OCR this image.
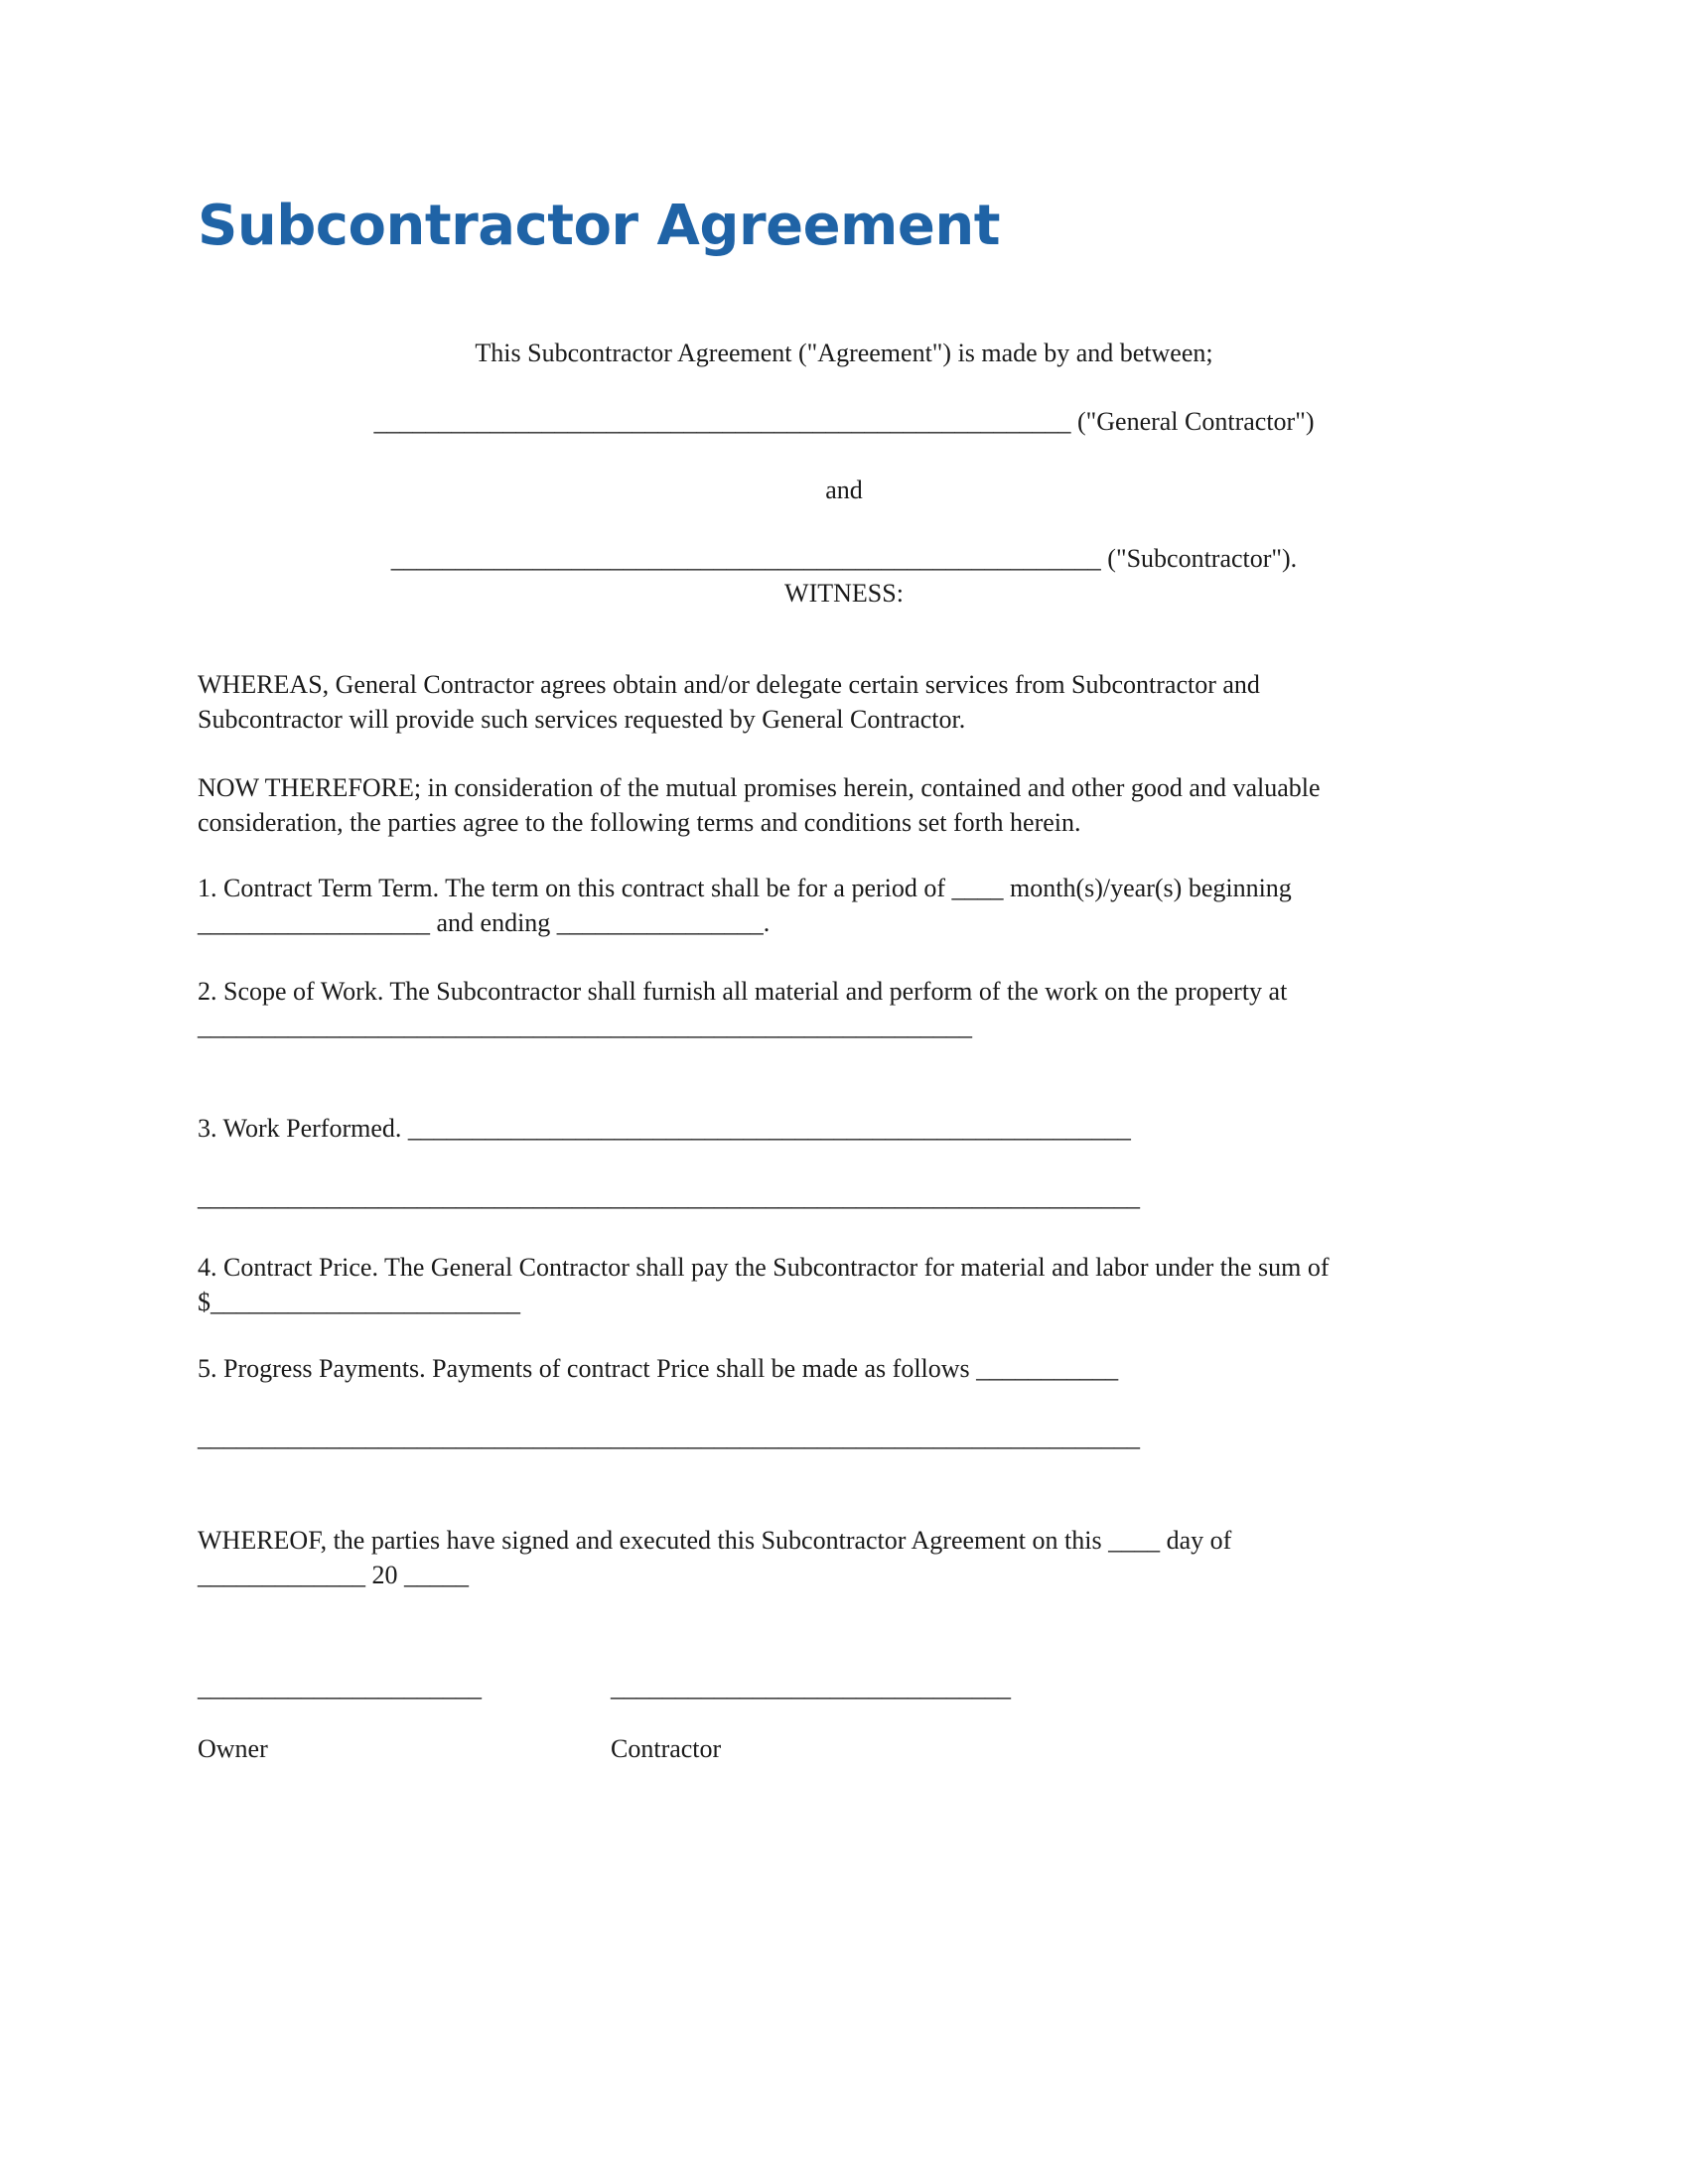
Subcontractor Agreement
This Subcontractor Agreement ("Agreement") is made by and between;
______________________________________________________ ("General Contractor")
and
_______________________________________________________ ("Subcontractor").
WITNESS:
WHEREAS, General Contractor agrees obtain and/or delegate certain services from Subcontractor and
Subcontractor will provide such services requested by General Contractor.
NOW THEREFORE; in consideration of the mutual promises herein, contained and other good and valuable
consideration, the parties agree to the following terms and conditions set forth herein.
1. Contract Term Term. The term on this contract shall be for a period of ____ month(s)/year(s) beginning
__________________ and ending ________________.
2. Scope of Work. The Subcontractor shall furnish all material and perform of the work on the property at
____________________________________________________________
3. Work Performed. ________________________________________________________
_________________________________________________________________________
4. Contract Price. The General Contractor shall pay the Subcontractor for material and labor under the sum of
$________________________
5. Progress Payments. Payments of contract Price shall be made as follows ___________
_________________________________________________________________________
WHEREOF, the parties have signed and executed this Subcontractor Agreement on this ____ day of
_____________ 20 _____
______________________	_______________________________
Owner	Contractor
